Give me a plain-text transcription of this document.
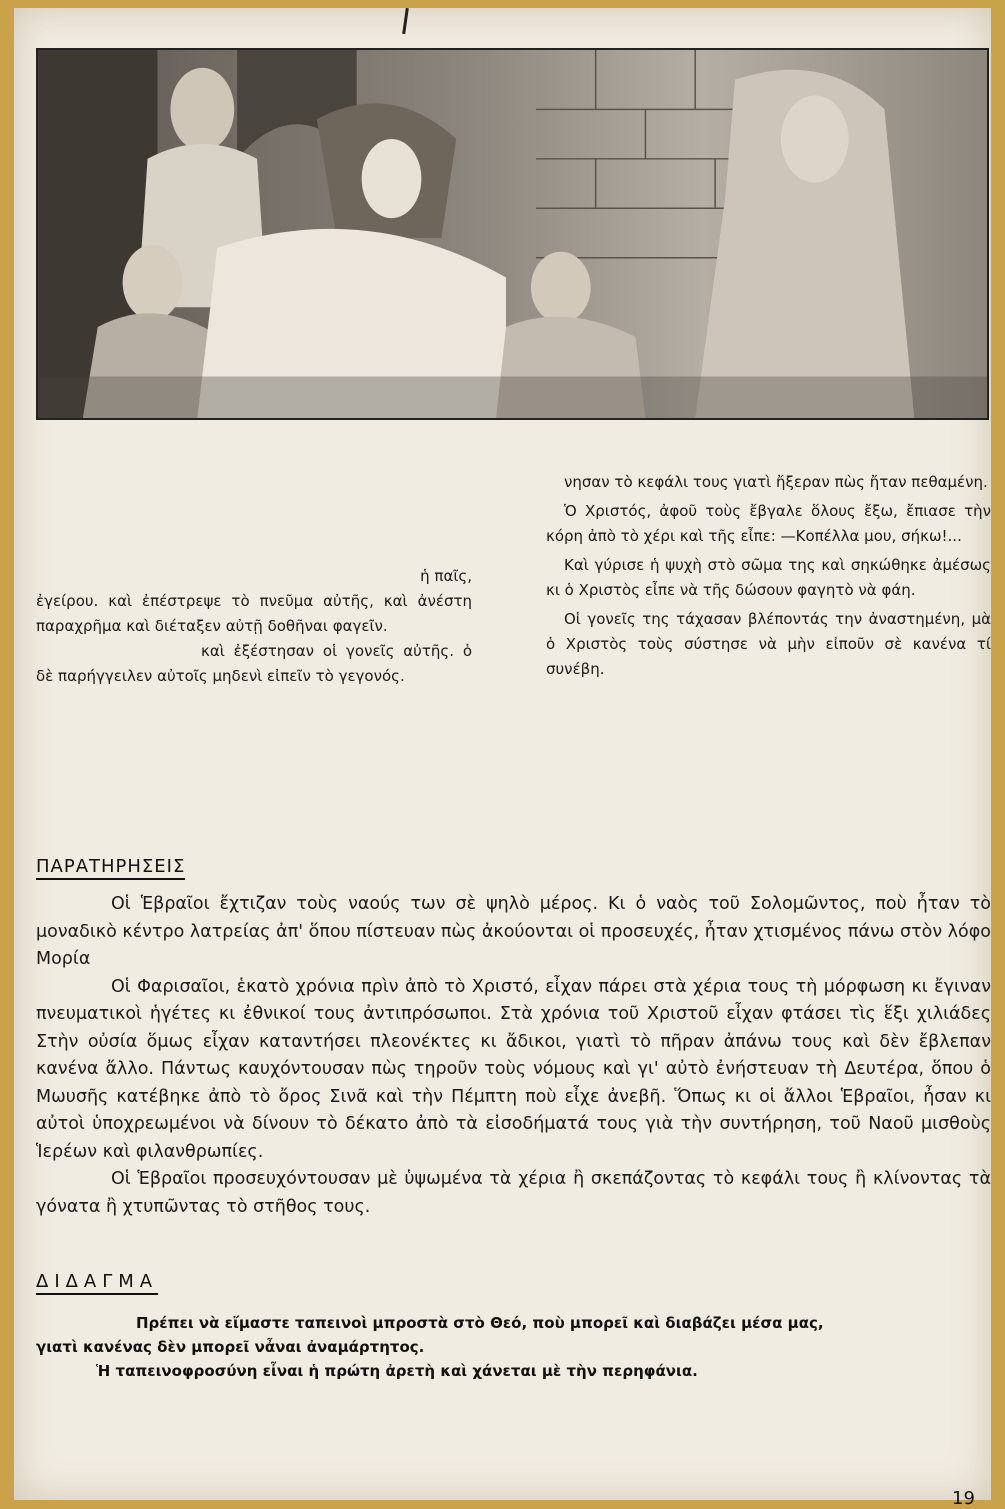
ἡ παῖς,

ἐγείρου. καὶ ἐπέστρεψε τὸ πνεῦμα αὐτῆς, καὶ ἀνέστη παραχρῆμα καὶ διέταξεν αὐτῇ δοθῆναι φαγεῖν.

καὶ ἐξέστησαν οἱ γονεῖς αὐτῆς. ὁ δὲ παρήγγειλεν αὐτοῖς μηδενὶ εἰπεῖν τὸ γεγονός.

νησαν τὸ κεφάλι τους γιατὶ ἤξεραν πὼς ἤταν πεθαμένη.

Ὁ Χριστός, ἀφοῦ τοὺς ἔβγαλε ὅλους ἔξω, ἔπιασε τὴν κόρη ἀπὸ τὸ χέρι καὶ τῆς εἶπε: —Κοπέλλα μου, σήκω!...

Καὶ γύρισε ἡ ψυχὴ στὸ σῶμα της καὶ σηκώθηκε ἀμέσως κι ὁ Χριστὸς εἶπε νὰ τῆς δώσουν φαγητὸ νὰ φάη.

Οἱ γονεῖς της τάχασαν βλέποντάς την ἀναστημένη, μὰ ὁ Χριστὸς τοὺς σύστησε νὰ μὴν εἰποῦν σὲ κανένα τί συνέβη.

ΠΑΡΑΤΗΡΗΣΕΙΣ

Οἱ Ἑβραῖοι ἔχτιζαν τοὺς ναούς των σὲ ψηλὸ μέρος. Κι ὁ ναὸς τοῦ Σολομῶντος, ποὺ ἦταν τὸ μοναδικὸ κέντρο λατρείας ἀπ' ὅπου πίστευαν πὼς ἀκούονται οἱ προσευχές, ἦταν χτισμένος πάνω στὸν λόφο Μορία

Οἱ Φαρισαῖοι, ἑκατὸ χρόνια πρὶν ἀπὸ τὸ Χριστό, εἶχαν πάρει στὰ χέρια τους τὴ μόρφωση κι ἔγιναν πνευματικοὶ ἡγέτες κι ἐθνικοί τους ἀντιπρόσωποι. Στὰ χρόνια τοῦ Χριστοῦ εἶχαν φτάσει τὶς ἕξι χιλιάδες Στὴν οὐσία ὅμως εἶχαν καταντήσει πλεονέκτες κι ἄδικοι, γιατὶ τὸ πῆραν ἀπάνω τους καὶ δὲν ἔβλεπαν κανένα ἄλλο. Πάντως καυχόντουσαν πὼς τηροῦν τοὺς νόμους καὶ γι' αὐτὸ ἐνήστευαν τὴ Δευτέρα, ὅπου ὁ Μωυσῆς κατέβηκε ἀπὸ τὸ ὄρος Σινᾶ καὶ τὴν Πέμπτη ποὺ εἶχε ἀνεβῆ. Ὅπως κι οἱ ἄλλοι Ἑβραῖοι, ἦσαν κι αὐτοὶ ὑποχρεωμένοι νὰ δίνουν τὸ δέκατο ἀπὸ τὰ εἰσοδήματά τους γιὰ τὴν συντήρηση, τοῦ Ναοῦ μισθοὺς Ἱερέων καὶ φιλανθρωπίες.

Οἱ Ἑβραῖοι προσευχόντουσαν μὲ ὑψωμένα τὰ χέρια ἢ σκεπάζοντας τὸ κεφάλι τους ἢ κλίνοντας τὰ γόνατα ἢ χτυπῶντας τὸ στῆθος τους.

ΔΙΔΑΓΜΑ

Πρέπει νὰ εἴμαστε ταπεινοὶ μπροστὰ στὸ Θεό, ποὺ μπορεῖ καὶ διαβάζει μέσα μας,

γιατὶ κανένας δὲν μπορεῖ νἆναι ἀναμάρτητος.

Ἡ ταπεινοφροσύνη εἶναι ἡ πρώτη ἀρετὴ καὶ χάνεται μὲ τὴν περηφάνια.

19
